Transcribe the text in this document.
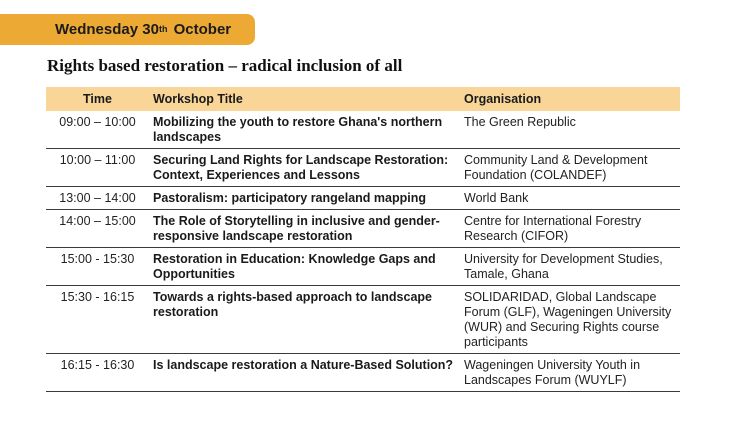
Wednesday 30th
October
Rights based restoration – radical inclusion of all
Time	Workshop Title	Organisation
09:00 – 10:00	Mobilizing the youth to restore Ghana's northern landscapes	The Green Republic
10:00 – 11:00	Securing Land Rights for Landscape Restoration: Context, Experiences and Lessons	Community Land & Development Foundation (COLANDEF)
13:00 – 14:00	Pastoralism: participatory rangeland mapping	World Bank
14:00 – 15:00	The Role of Storytelling in inclusive and gender-responsive landscape restoration	Centre for International Forestry Research (CIFOR)
15:00 - 15:30	Restoration in Education: Knowledge Gaps and Opportunities	University for Development Studies, Tamale, Ghana
15:30 - 16:15	Towards a rights-based approach to landscape restoration	SOLIDARIDAD, Global Landscape Forum (GLF), Wageningen University (WUR) and Securing Rights course participants
16:15 - 16:30	Is landscape restoration a Nature-Based Solution?	Wageningen University Youth in Landscapes Forum (WUYLF)
